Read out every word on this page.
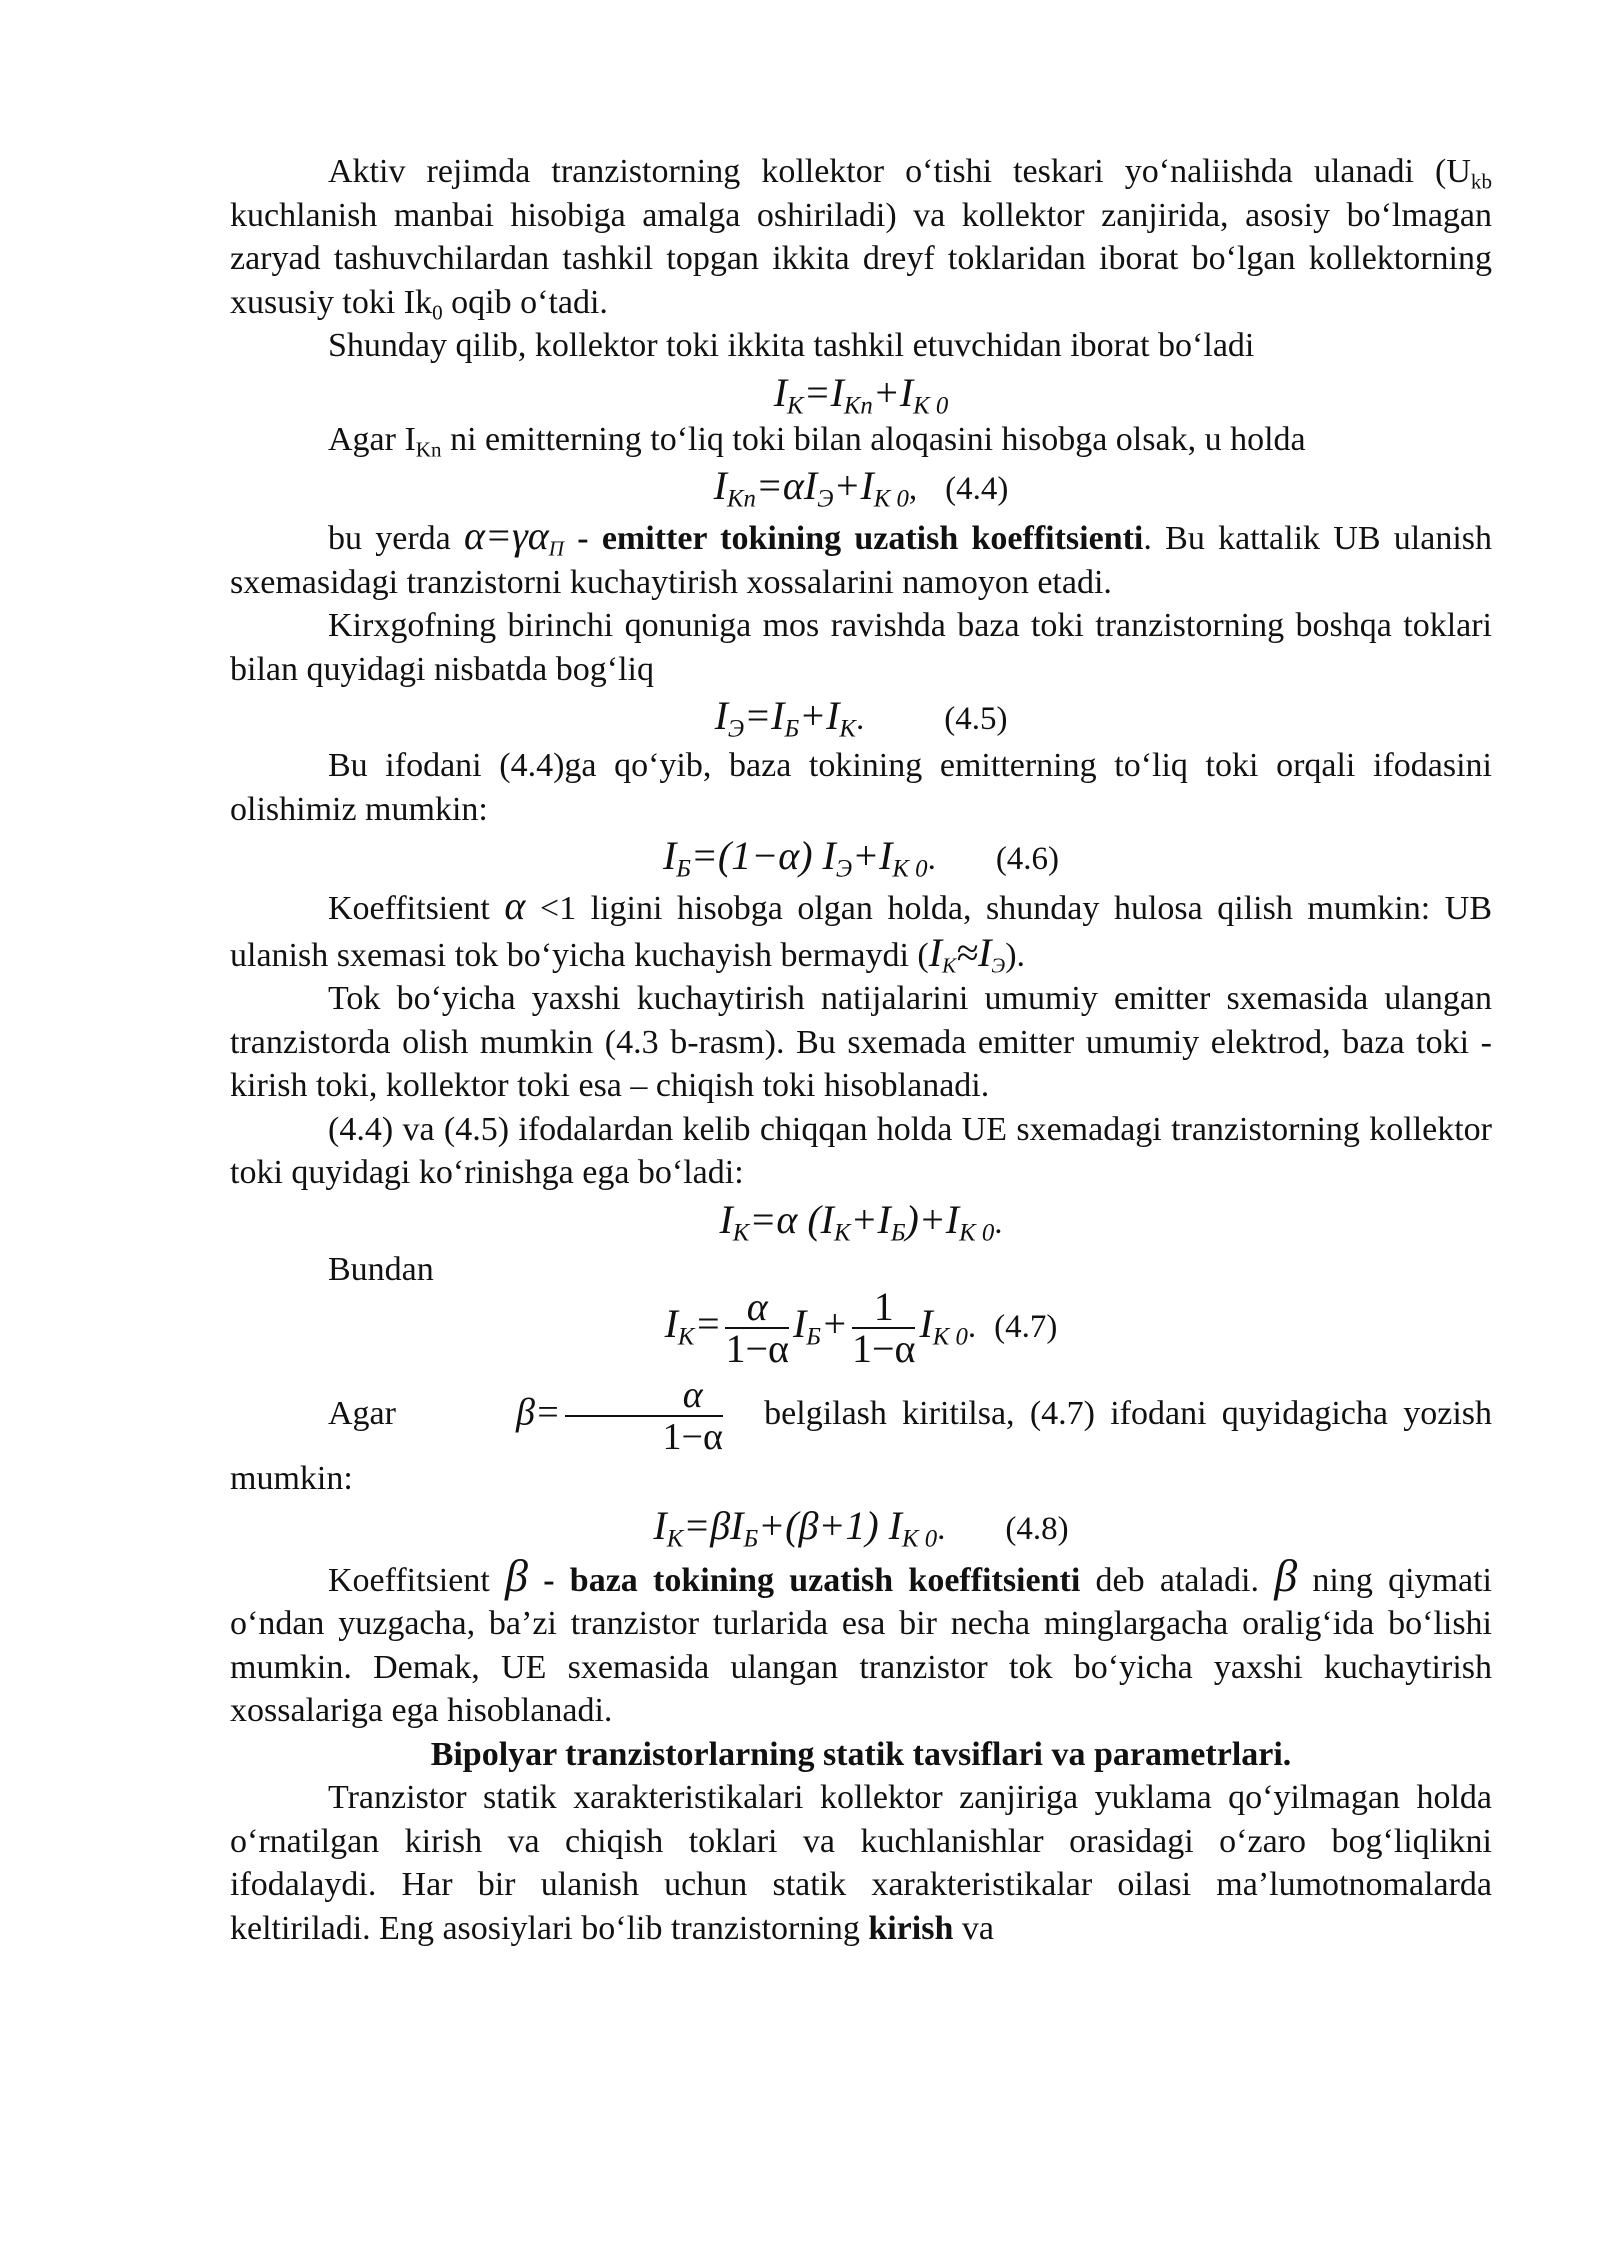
Aktiv rejimda tranzistorning kollektor o‘tishi teskari yo‘naliishda ulanadi ($U_{kb}$ kuchlanish manbai hisobiga amalga oshiriladi) va kollektor zanjirida, asosiy bo‘lmagan zaryad tashuvchilardan tashkil topgan ikkita dreyf toklaridan iborat bo‘lgan kollektorning xususiy toki $Ik_0$ oqib o‘tadi.

Shunday qilib, kollektor toki ikkita tashkil etuvchidan iborat bo‘ladi

$I_K=I_{Kn}+I_{K 0}$

Agar $I_{Kn}$ ni emitterning to‘liq toki bilan aloqasini hisobga olsak, u holda

$I_{Kn}=\alpha I_Э+I_{K 0}$, (4.4)

bu yerda $\alpha=\gamma\alpha_П$ - emitter tokining uzatish koeffitsienti. Bu kattalik UB ulanish sxemasidagi tranzistorni kuchaytirish xossalarini namoyon etadi.

Kirxgofning birinchi qonuniga mos ravishda baza toki tranzistorning boshqa toklari bilan quyidagi nisbatda bog‘liq

$I_Э=I_Б+I_K$. (4.5)

Bu ifodani (4.4)ga qo‘yib, baza tokining emitterning to‘liq toki orqali ifodasini olishimiz mumkin:

$I_Б=(1-\alpha)$ $I_Э+I_{K 0}$. (4.6)

Koeffitsient α <1 ligini hisobga olgan holda, shunday hulosa qilish mumkin: UB ulanish sxemasi tok bo‘yicha kuchayish bermaydi $(I_K\approx I_Э)$.

Tok bo‘yicha yaxshi kuchaytirish natijalarini umumiy emitter sxemasida ulangan tranzistorda olish mumkin (4.3 b-rasm). Bu sxemada emitter umumiy elektrod, baza toki - kirish toki, kollektor toki esa – chiqish toki hisoblanadi.

(4.4) va (4.5) ifodalardan kelib chiqqan holda UE sxemadagi tranzistorning kollektor toki quyidagi ko‘rinishga ega bo‘ladi:

$I_K=\alpha$ $(I_K+I_Б)+I_{K 0}$.

Bundan

$I_K= \frac{\alpha}{1-\alpha} I_Б+ \frac{1}{1-\alpha} I_{K 0}$. (4.7)

Agar	$\beta= \frac{\alpha}{1-\alpha}$ belgilash kiritilsa, (4.7) ifodani quyidagicha yozish mumkin:

$I_K=\beta I_Б+(\beta+1)$ $I_{K 0}$. (4.8)

Koeffitsient β - baza tokining uzatish koeffitsienti deb ataladi. β ning qiymati o‘ndan yuzgacha, ba’zi tranzistor turlarida esa bir necha minglargacha oralig‘ida bo‘lishi mumkin. Demak, UE sxemasida ulangan tranzistor tok bo‘yicha yaxshi kuchaytirish xossalariga ega hisoblanadi.

Bipolyar tranzistorlarning statik tavsiflari va parametrlari.

Tranzistor statik xarakteristikalari kollektor zanjiriga yuklama qo‘yilmagan holda o‘rnatilgan kirish va chiqish toklari va kuchlanishlar orasidagi o‘zaro bog‘liqlikni ifodalaydi. Har bir ulanish uchun statik xarakteristikalar oilasi ma’lumotnomalarda keltiriladi. Eng asosiylari bo‘lib tranzistorning kirish va
